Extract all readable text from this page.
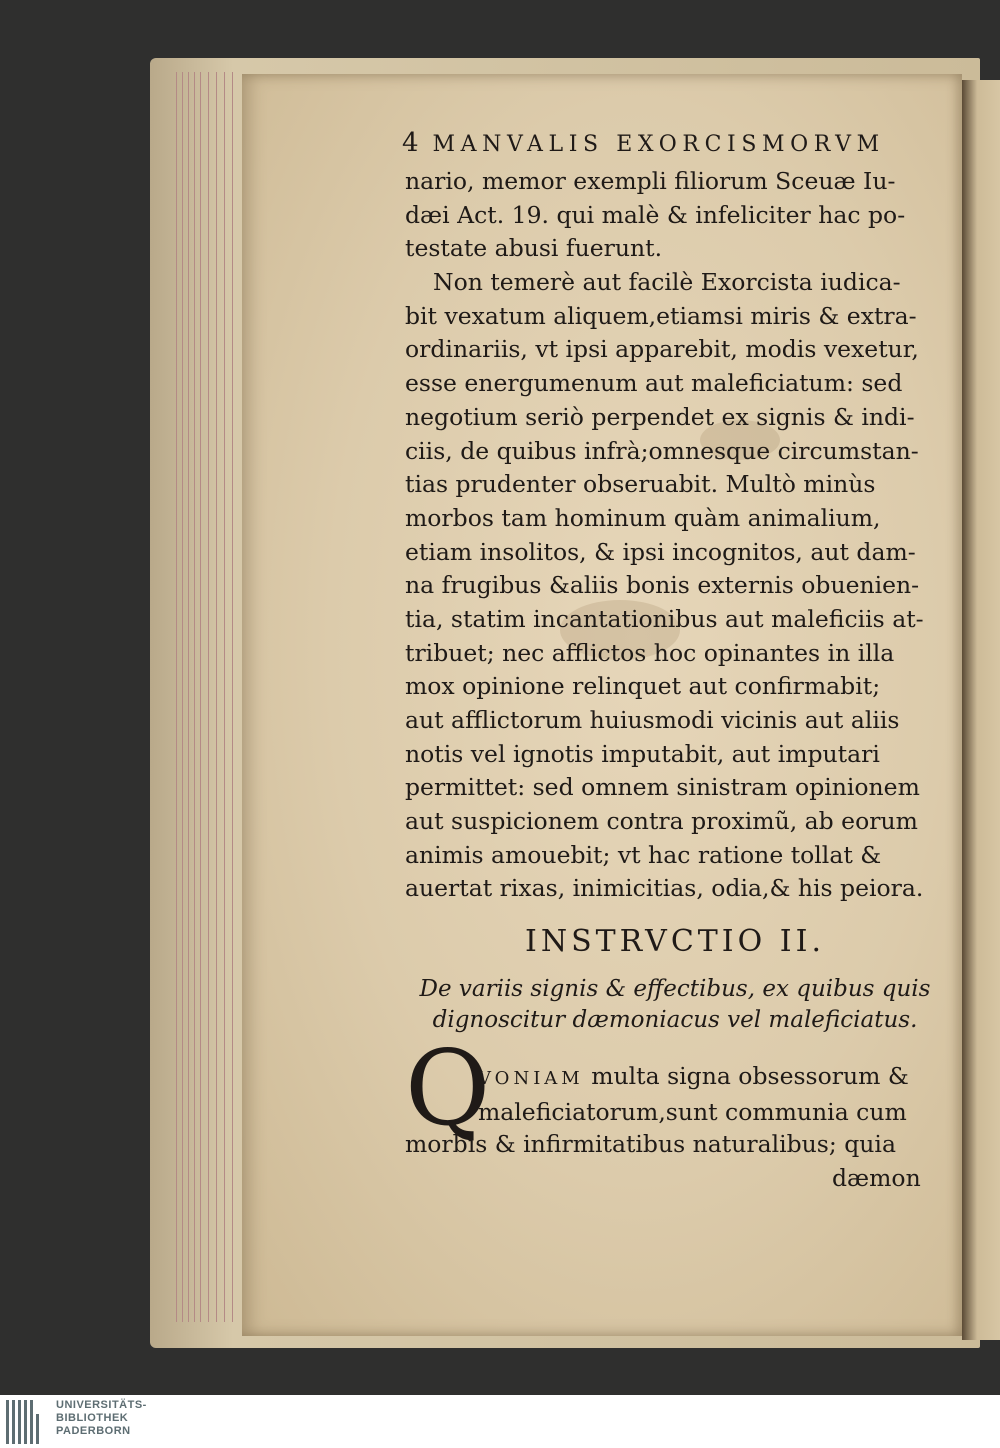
4 MANVALIS EXORCISMORVM
nario, memor exempli filiorum Sceuæ Iu-
dæi Act. 19. qui malè & infeliciter hac po-
testate abusi fuerunt.
Non temerè aut facilè Exorcista iudica-
bit vexatum aliquem,etiamsi miris & extra-
ordinariis, vt ipsi apparebit, modis vexetur,
esse energumenum aut maleficiatum: sed
negotium seriò perpendet ex signis & indi-
ciis, de quibus infrà;omnesque circumstan-
tias prudenter obseruabit. Multò minùs
morbos tam hominum quàm animalium,
etiam insolitos, & ipsi incognitos, aut dam-
na frugibus &aliis bonis externis obuenien-
tia, statim incantationibus aut maleficiis at-
tribuet; nec afflictos hoc opinantes in illa
mox opinione relinquet aut confirmabit;
aut afflictorum huiusmodi vicinis aut aliis
notis vel ignotis imputabit, aut imputari
permittet: sed omnem sinistram opinionem
aut suspicionem contra proximũ, ab eorum
animis amouebit; vt hac ratione tollat &
auertat rixas, inimicitias, odia,& his peiora.
INSTRVCTIO II.
De variis signis & effectibus, ex quibus quis
dignoscitur dæmoniacus vel maleficiatus.
Q
VONIAM multa signa obsessorum &
maleficiatorum,sunt communia cum
morbis & infirmitatibus naturalibus; quia
dæmon
UNIVERSITÄTS-
BIBLIOTHEK
PADERBORN
